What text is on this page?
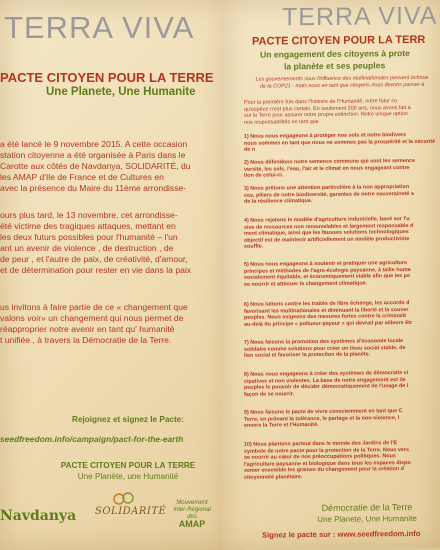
TERRA VIVA
PACTE CITOYEN POUR LA TERRE
Une Planete, Une Humanite

a été lancé le 9 novembre 2015. A cette occasion
station citoyenne a été organisée à Paris dans le
Carotte aux côtés de Navdanya, SOLIDARITÉ, du
les AMAP d'Ile de France et de Cultures en
avec la présence du Maire du 11ème arrondisse-

ours plus tard, le 13 novembre, cet arrondisse-
été victime des tragiques attaques, mettant en
les deux futurs possibles pour l'humanité – l'un
ant un avenir de violence , de destruction , de
de peur , et l'autre de paix, de créativité, d'amour,
et de détermination pour rester en vie dans la paix

us invitons à faire partie de ce « changement que
valons voir» un changement qui nous permet de
réapproprier notre avenir en tant qu' humanité
t unifiée , à travers la Démocratie de la Terre.

Rejoignez et signez le Pacte:
seedfreedom.info/campaign/pact-for-the-earth
PACTE CITOYEN POUR LA TERRE
Une Planète, une Humanité
Navdanya SOLIDARITÉ
Mouvement
Inter-Régional
des
AMAP
TERRA VIVA
PACTE CITOYEN POUR LA TERR
Un engagement des citoyens à prote
la planète et ses peuples
Les gouvernements sous l'influence des multinationales peuvent échoue
de la COP21 - mais nous en tant que citoyens nous devons passer à
Pour la première fois dans l'histoire de l'Humanité, notre futur co
qu'espèce n'est plus certain. En seulement 200 ans, nous avons fait a
sur la Terre pour assurer notre propre extinction. Notre unique option
nos responsabilités en tant que

1) Nous nous engageons à protéger nos sols et notre biodivers
nous sommes en tant que nous ne sommes pas la prospérité et la sécurité de n

2) Nous défendons notre semence commune qui sont les semence
versité, les sols, l'eau, l'air et le climat en nous engageant contre
tion de celui-ci.

3) Nous prêtons une attention particulière à la non appropriation
ces, piliers de notre biodiversité, garantes de notre souveraineté a
de la résilience climatique.

4) Nous rejetons le modèle d'agriculture industrielle, basé sur l'u
sive de ressources non renouvelables et largement responsable d
ment climatique, ainsi que les fausses solutions technologiques
objectif est de maintenir artificiellement un modèle productiviste
souffle.

5) Nous nous engageons à soutenir et pratiquer une agriculture
principes et méthodes de l'agro-écologie paysanne, à taille huma
socialement équitable, et économiquement viable afin que les pe
se nourrir et atténuer le changement climatique.

6) Nous luttons contre les traités de libre échange, les accords d
favorisant les multinationales et diminuant la liberté et la souver
peuples. Nous exigeons des mesures fortes contre la criminalit
au-delà du principe « pollueur-payeur » qui devrait par ailleurs êtr

7) Nous faisons la promotion des systèmes d'économie locale
solidaire comme solutions pour créer un tissu social stable, de
lien social et favoriser la protection de la planète.

8) Nous nous engageons à créer des systèmes de démocratie vi
cipatives et non violentes. La base de notre engagement est de
peuples le pouvoir de décider démocratiquement de l'usage de l
façon de se nourrir.

9) Nous faisons le pacte de vivre consciemment en tant que C
Terre, en prônant la tolérance, le partage et la non-violence, l
envers la Terre et l'Humanité.

10) Nous plantons partout dans le monde des Jardins de l'E
symbole de notre pacte pour la protection de la Terre. Nous vers
se nourrir au cœur de nos préoccupations politiques. Nous
l'agriculture paysanne et biologique dans tous les espaces dispo
semer ensemble les graines du changement pour la création d
citoyenneté planétaire.

Démocratie de la Terre
Une Planete, Une Humanite
Signez le pacte sur : www.seedfreedom.info
